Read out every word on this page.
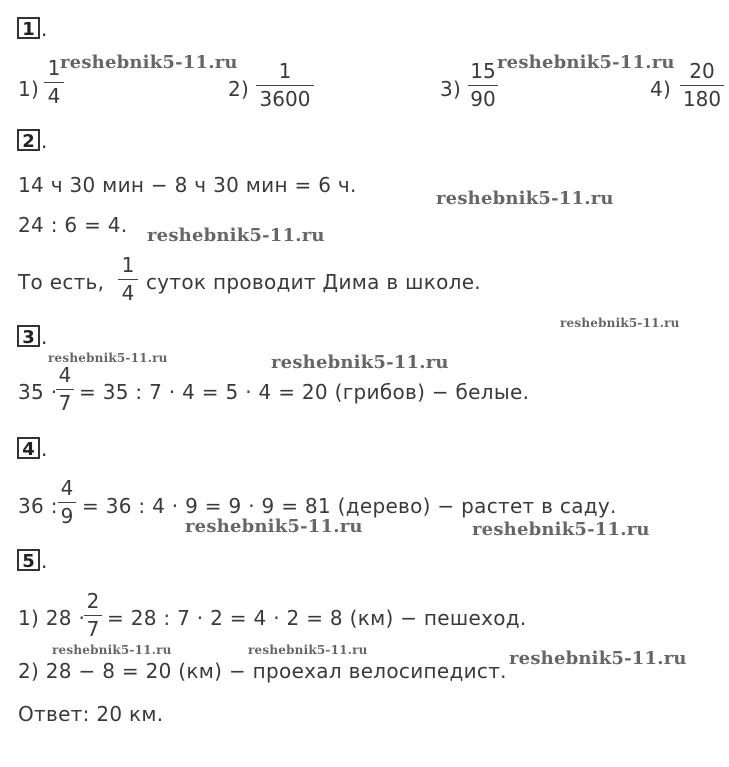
1 .
1)
1
4	2)
1
3600	3)
15
90	4)
20
180
2 .
14 ч 30 мин − 8 ч 30 мин = 6 ч.
24 : 6 = 4.
То есть,
1
4 суток проводит Дима в школе.
3 .
35 ·
4
7 = 35 : 7 · 4 = 5 · 4 = 20 (грибов) − белые.
4 .
36 :
4
9 = 36 : 4 · 9 = 9 · 9 = 81 (дерево) − растет в саду.
5 .
1) 28 ·
2
7 = 28 : 7 · 2 = 4 · 2 = 8 (км) − пешеход.
2) 28 − 8 = 20 (км) − проехал велосипедист.
Ответ: 20 км.
reshebnik5-11.ru	reshebnik5-11.ru
reshebnik5-11.ru
reshebnik5-11.ru
reshebnik5-11.ru
reshebnik5-11.ru	reshebnik5-11.ru
reshebnik5-11.ru	reshebnik5-11.ru
reshebnik5-11.ru	reshebnik5-11.ru	reshebnik5-11.ru
